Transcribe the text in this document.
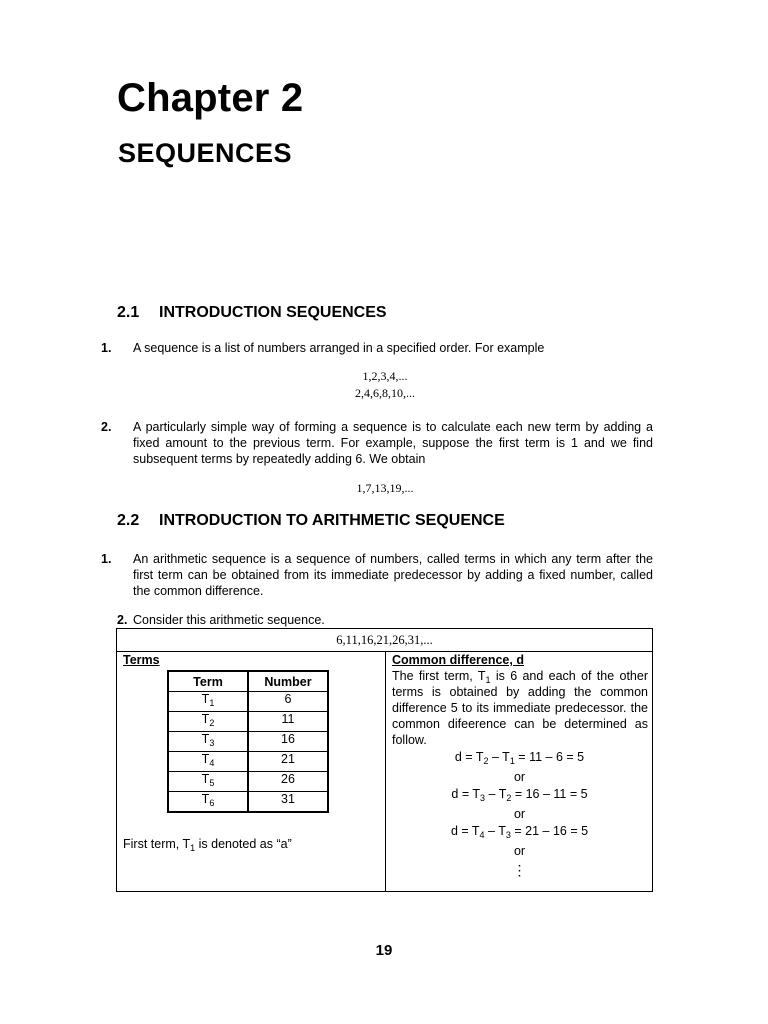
Chapter 2
SEQUENCES
2.1 INTRODUCTION SEQUENCES

1. A sequence is a list of numbers arranged in a specified order. For example

1,2,3,4,...

2,4,6,8,10,...

2. A particularly simple way of forming a sequence is to calculate each new term by adding a fixed amount to the previous term. For example, suppose the first term is 1 and we find subsequent terms by repeatedly adding 6. We obtain

1,7,13,19,...

2.2 INTRODUCTION TO ARITHMETIC SEQUENCE

1. An arithmetic sequence is a sequence of numbers, called terms in which any term after the first term can be obtained from its immediate predecessor by adding a fixed number, called the common difference.

2. Consider this arithmetic sequence.

6,11,16,21,26,31,...
Terms
Term	Number
$T_1$	6
$T_2$	11
$T_3$	16
$T_4$	21
$T_5$	26
$T_6$	31
First term, $T_1$ is denoted as “a”
Common difference, d

The first term, $T_1$ is 6 and each of the other terms is obtained by adding the common difference 5 to its immediate predecessor. the common difeerence can be determined as follow.

$d = T_2 - T_1 = 11 - 6 = 5$
or
$d = T_3 - T_2 = 16 - 11 = 5$
or
$d = T_4 - T_3 = 21 - 16 = 5$
or
⋮
19
